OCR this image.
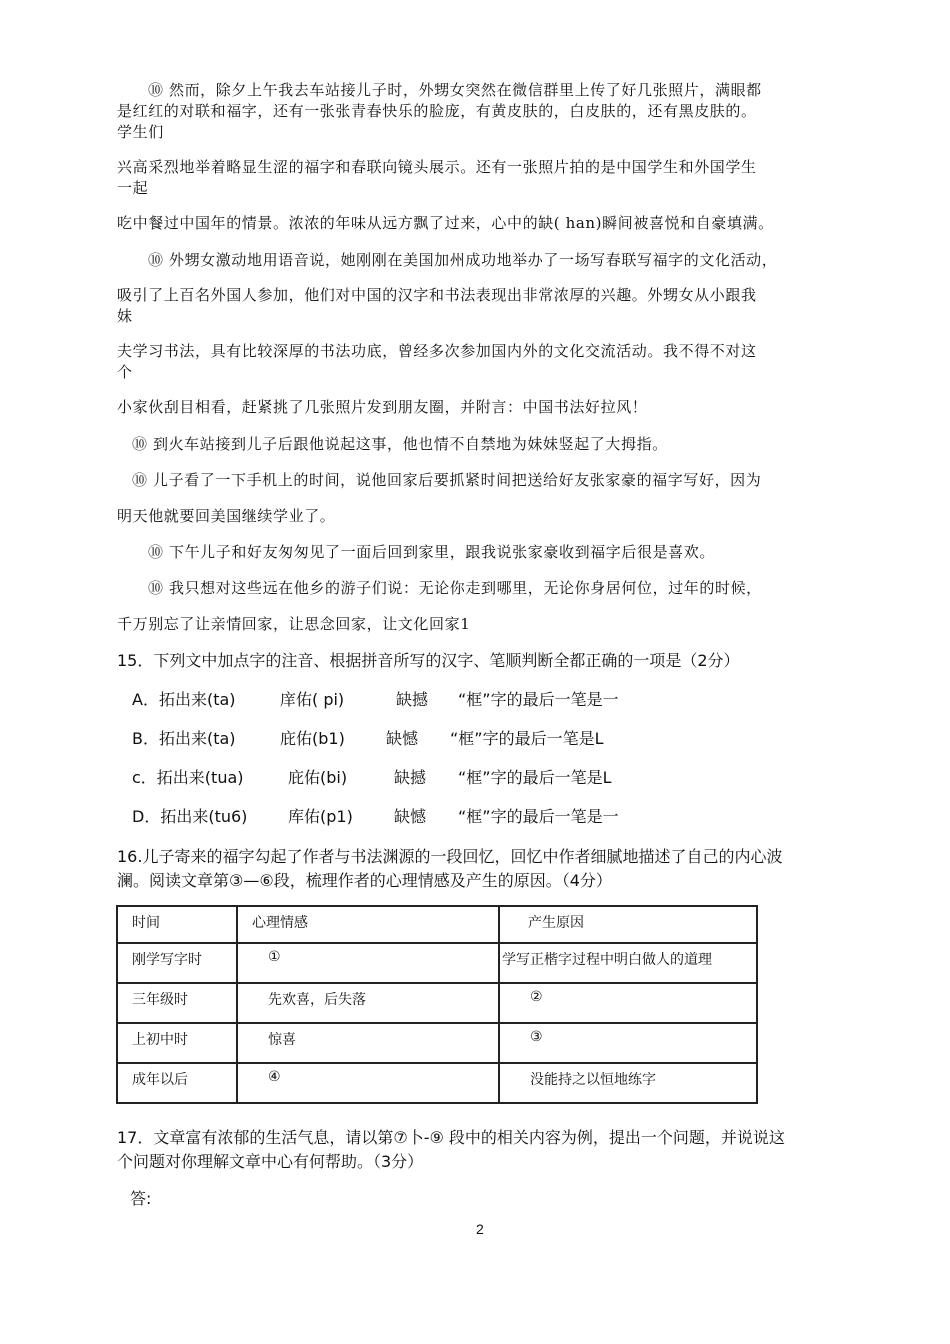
⑩ 然而，除夕上午我去车站接儿子时，外甥女突然在微信群里上传了好几张照片，满眼都
是红红的对联和福字，还有一张张青春快乐的脸庞，有黄皮肤的，白皮肤的，还有黑皮肤的。
学生们
兴高采烈地举着略显生涩的福字和春联向镜头展示。还有一张照片拍的是中国学生和外国学生
一起
吃中餐过中国年的情景。浓浓的年味从远方飘了过来，心中的缺( han)瞬间被喜悦和自豪填满。
⑩ 外甥女激动地用语音说，她刚刚在美国加州成功地举办了一场写春联写福字的文化活动，
吸引了上百名外国人参加，他们对中国的汉字和书法表现出非常浓厚的兴趣。外甥女从小跟我
妹
夫学习书法，具有比较深厚的书法功底，曾经多次参加国内外的文化交流活动。我不得不对这
个
小家伙刮目相看，赶紧挑了几张照片发到朋友圈，并附言：中国书法好拉风！
⑩ 到火车站接到儿子后跟他说起这事，他也情不自禁地为妹妹竖起了大拇指。
⑩ 儿子看了一下手机上的时间，说他回家后要抓紧时间把送给好友张家豪的福字写好，因为
明天他就要回美国继续学业了。
⑩ 下午儿子和好友匆匆见了一面后回到家里，跟我说张家豪收到福字后很是喜欢。
⑩ 我只想对这些远在他乡的游子们说：无论你走到哪里，无论你身居何位，过年的时候，
千万别忘了让亲情回家，让思念回家，让文化回家1
15．下列文中加点字的注音、根据拼音所写的汉字、笔顺判断全都正确的一项是（2分）
A．拓出来(ta)	庠佑( pi)	缺撼 “框”字的最后一笔是一
B．拓出来(ta)	庇佑(b1)	缺憾 “框”字的最后一笔是L
c．拓出来(tua)	庇佑(bi)	缺撼 “框”字的最后一笔是L
D．拓出来(tu6)	库佑(p1)	缺憾 “框”字的最后一笔是一
16.儿子寄来的福字勾起了作者与书法渊源的一段回忆，回忆中作者细腻地描述了自己的内心波
澜。阅读文章第③—⑥段，梳理作者的心理情感及产生的原因。（4分）
时间	心理情感	产生原因
刚学写字时	①	学写正楷字过程中明白做人的道理
三年级时	先欢喜，后失落	②
上初中时	惊喜	③
成年以后	④	没能持之以恒地练字
17．文章富有浓郁的生活气息，请以第⑦卜-⑨ 段中的相关内容为例，提出一个问题，并说说这
个问题对你理解文章中心有何帮助。（3分）
答:
2
